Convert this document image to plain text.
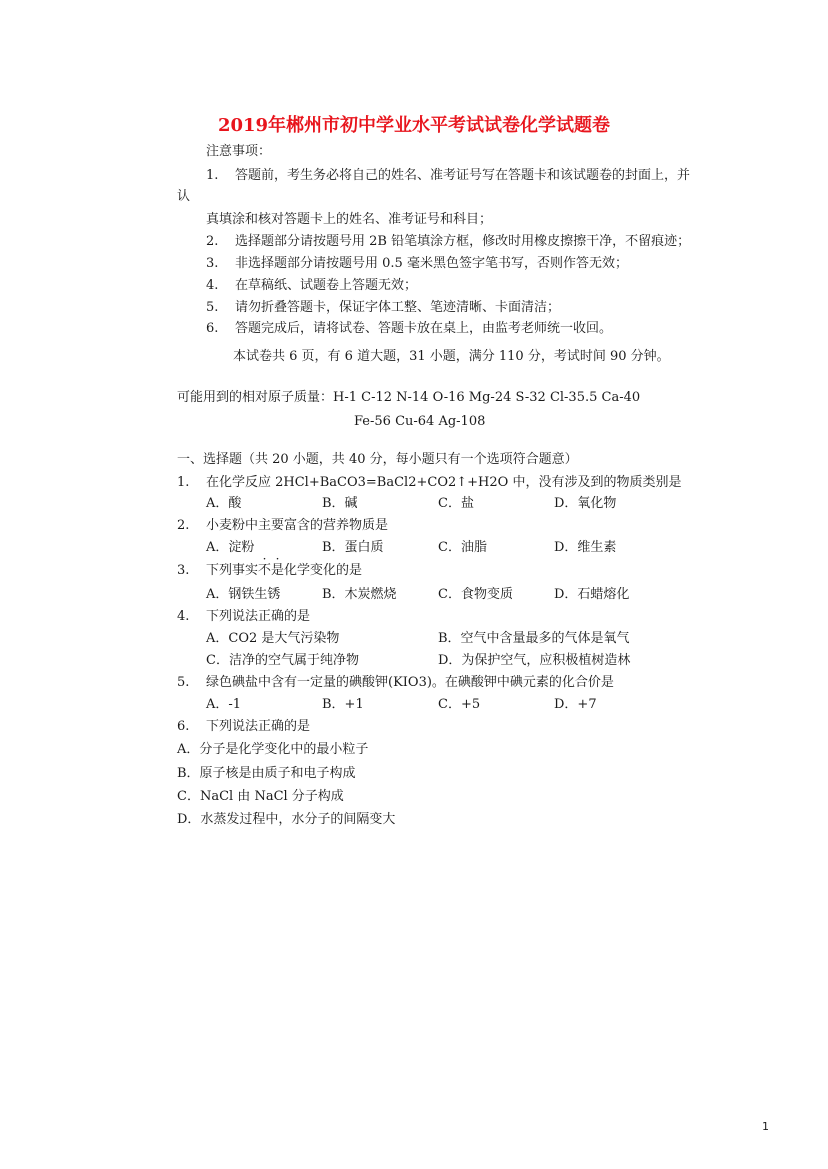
2019年郴州市初中学业水平考试试卷化学试题卷
注意事项：
1. 答题前，考生务必将自己的姓名、准考证号写在答题卡和该试题卷的封面上，并
认
真填涂和核对答题卡上的姓名、准考证号和科目；
2. 选择题部分请按题号用 2B 铅笔填涂方框，修改时用橡皮擦擦干净，不留痕迹；
3. 非选择题部分请按题号用 0.5 毫米黑色签字笔书写，否则作答无效；
4. 在草稿纸、试题卷上答题无效；
5. 请勿折叠答题卡，保证字体工整、笔迹清晰、卡面清洁；
6. 答题完成后，请将试卷、答题卡放在桌上，由监考老师统一收回。
本试卷共 6 页，有 6 道大题，31 小题，满分 110 分，考试时间 90 分钟。
可能用到的相对原子质量：H-1 C-12 N-14 O-16 Mg-24 S-32 Cl-35.5 Ca-40
Fe-56 Cu-64 Ag-108
一、选择题（共 20 小题，共 40 分，每小题只有一个选项符合题意）
1. 在化学反应 2HCl+BaCO3=BaCl2+CO2↑+H2O 中，没有涉及到的物质类别是
A．酸	B．碱	C．盐	D．氧化物
2. 小麦粉中主要富含的营养物质是
A．淀粉	B．蛋白质	C．油脂	D．维生素
3. 下列事实不是化学变化的是
A．钢铁生锈	B．木炭燃烧	C．食物变质	D．石蜡熔化
4. 下列说法正确的是
A．CO2 是大气污染物	B．空气中含量最多的气体是氧气
C．洁净的空气属于纯净物	D．为保护空气，应积极植树造林
5. 绿色碘盐中含有一定量的碘酸钾(KIO3)。在碘酸钾中碘元素的化合价是
A．-1	B．+1	C．+5	D．+7
6. 下列说法正确的是
A．分子是化学变化中的最小粒子
B．原子核是由质子和电子构成
C．NaCl 由 NaCl 分子构成
D．水蒸发过程中，水分子的间隔变大
1
